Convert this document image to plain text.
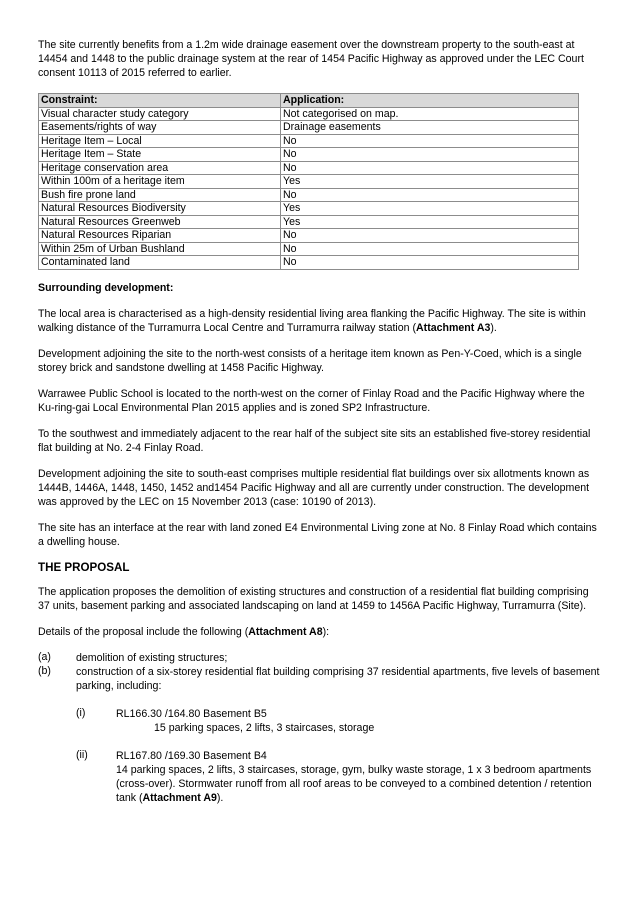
The site currently benefits from a 1.2m wide drainage easement over the downstream property to the south-east at 14454 and 1448 to the public drainage system at the rear of 1454 Pacific Highway as approved under the LEC Court consent 10113 of 2015 referred to earlier.

Constraint:	Application:
Visual character study category	Not categorised on map.
Easements/rights of way	Drainage easements
Heritage Item – Local	No
Heritage Item – State	No
Heritage conservation area	No
Within 100m of a heritage item	Yes
Bush fire prone land	No
Natural Resources Biodiversity	Yes
Natural Resources Greenweb	Yes
Natural Resources Riparian	No
Within 25m of Urban Bushland	No
Contaminated land	No

Surrounding development:

The local area is characterised as a high-density residential living area flanking the Pacific Highway. The site is within walking distance of the Turramurra Local Centre and Turramurra railway station (Attachment A3).

Development adjoining the site to the north-west consists of a heritage item known as Pen-Y-Coed, which is a single storey brick and sandstone dwelling at 1458 Pacific Highway.

Warrawee Public School is located to the north-west on the corner of Finlay Road and the Pacific Highway where the Ku-ring-gai Local Environmental Plan 2015 applies and is zoned SP2 Infrastructure.

To the southwest and immediately adjacent to the rear half of the subject site sits an established five-storey residential flat building at No. 2-4 Finlay Road.

Development adjoining the site to south-east comprises multiple residential flat buildings over six allotments known as 1444B, 1446A, 1448, 1450, 1452 and1454 Pacific Highway and all are currently under construction. The development was approved by the LEC on 15 November 2013 (case: 10190 of 2013).

The site has an interface at the rear with land zoned E4 Environmental Living zone at No. 8 Finlay Road which contains a dwelling house.

THE PROPOSAL

The application proposes the demolition of existing structures and construction of a residential flat building comprising 37 units, basement parking and associated landscaping on land at 1459 to 1456A Pacific Highway, Turramurra (Site).

Details of the proposal include the following (Attachment A8):

(a)	demolition of existing structures;
(b)	construction of a six-storey residential flat building comprising 37 residential apartments, five levels of basement parking, including:
(i)	RL166.30 /164.80 Basement B5
15 parking spaces, 2 lifts, 3 staircases, storage
(ii)	RL167.80 /169.30 Basement B4
14 parking spaces, 2 lifts, 3 staircases, storage, gym, bulky waste storage, 1 x 3 bedroom apartments (cross-over). Stormwater runoff from all roof areas to be conveyed to a combined detention / retention tank (Attachment A9).
